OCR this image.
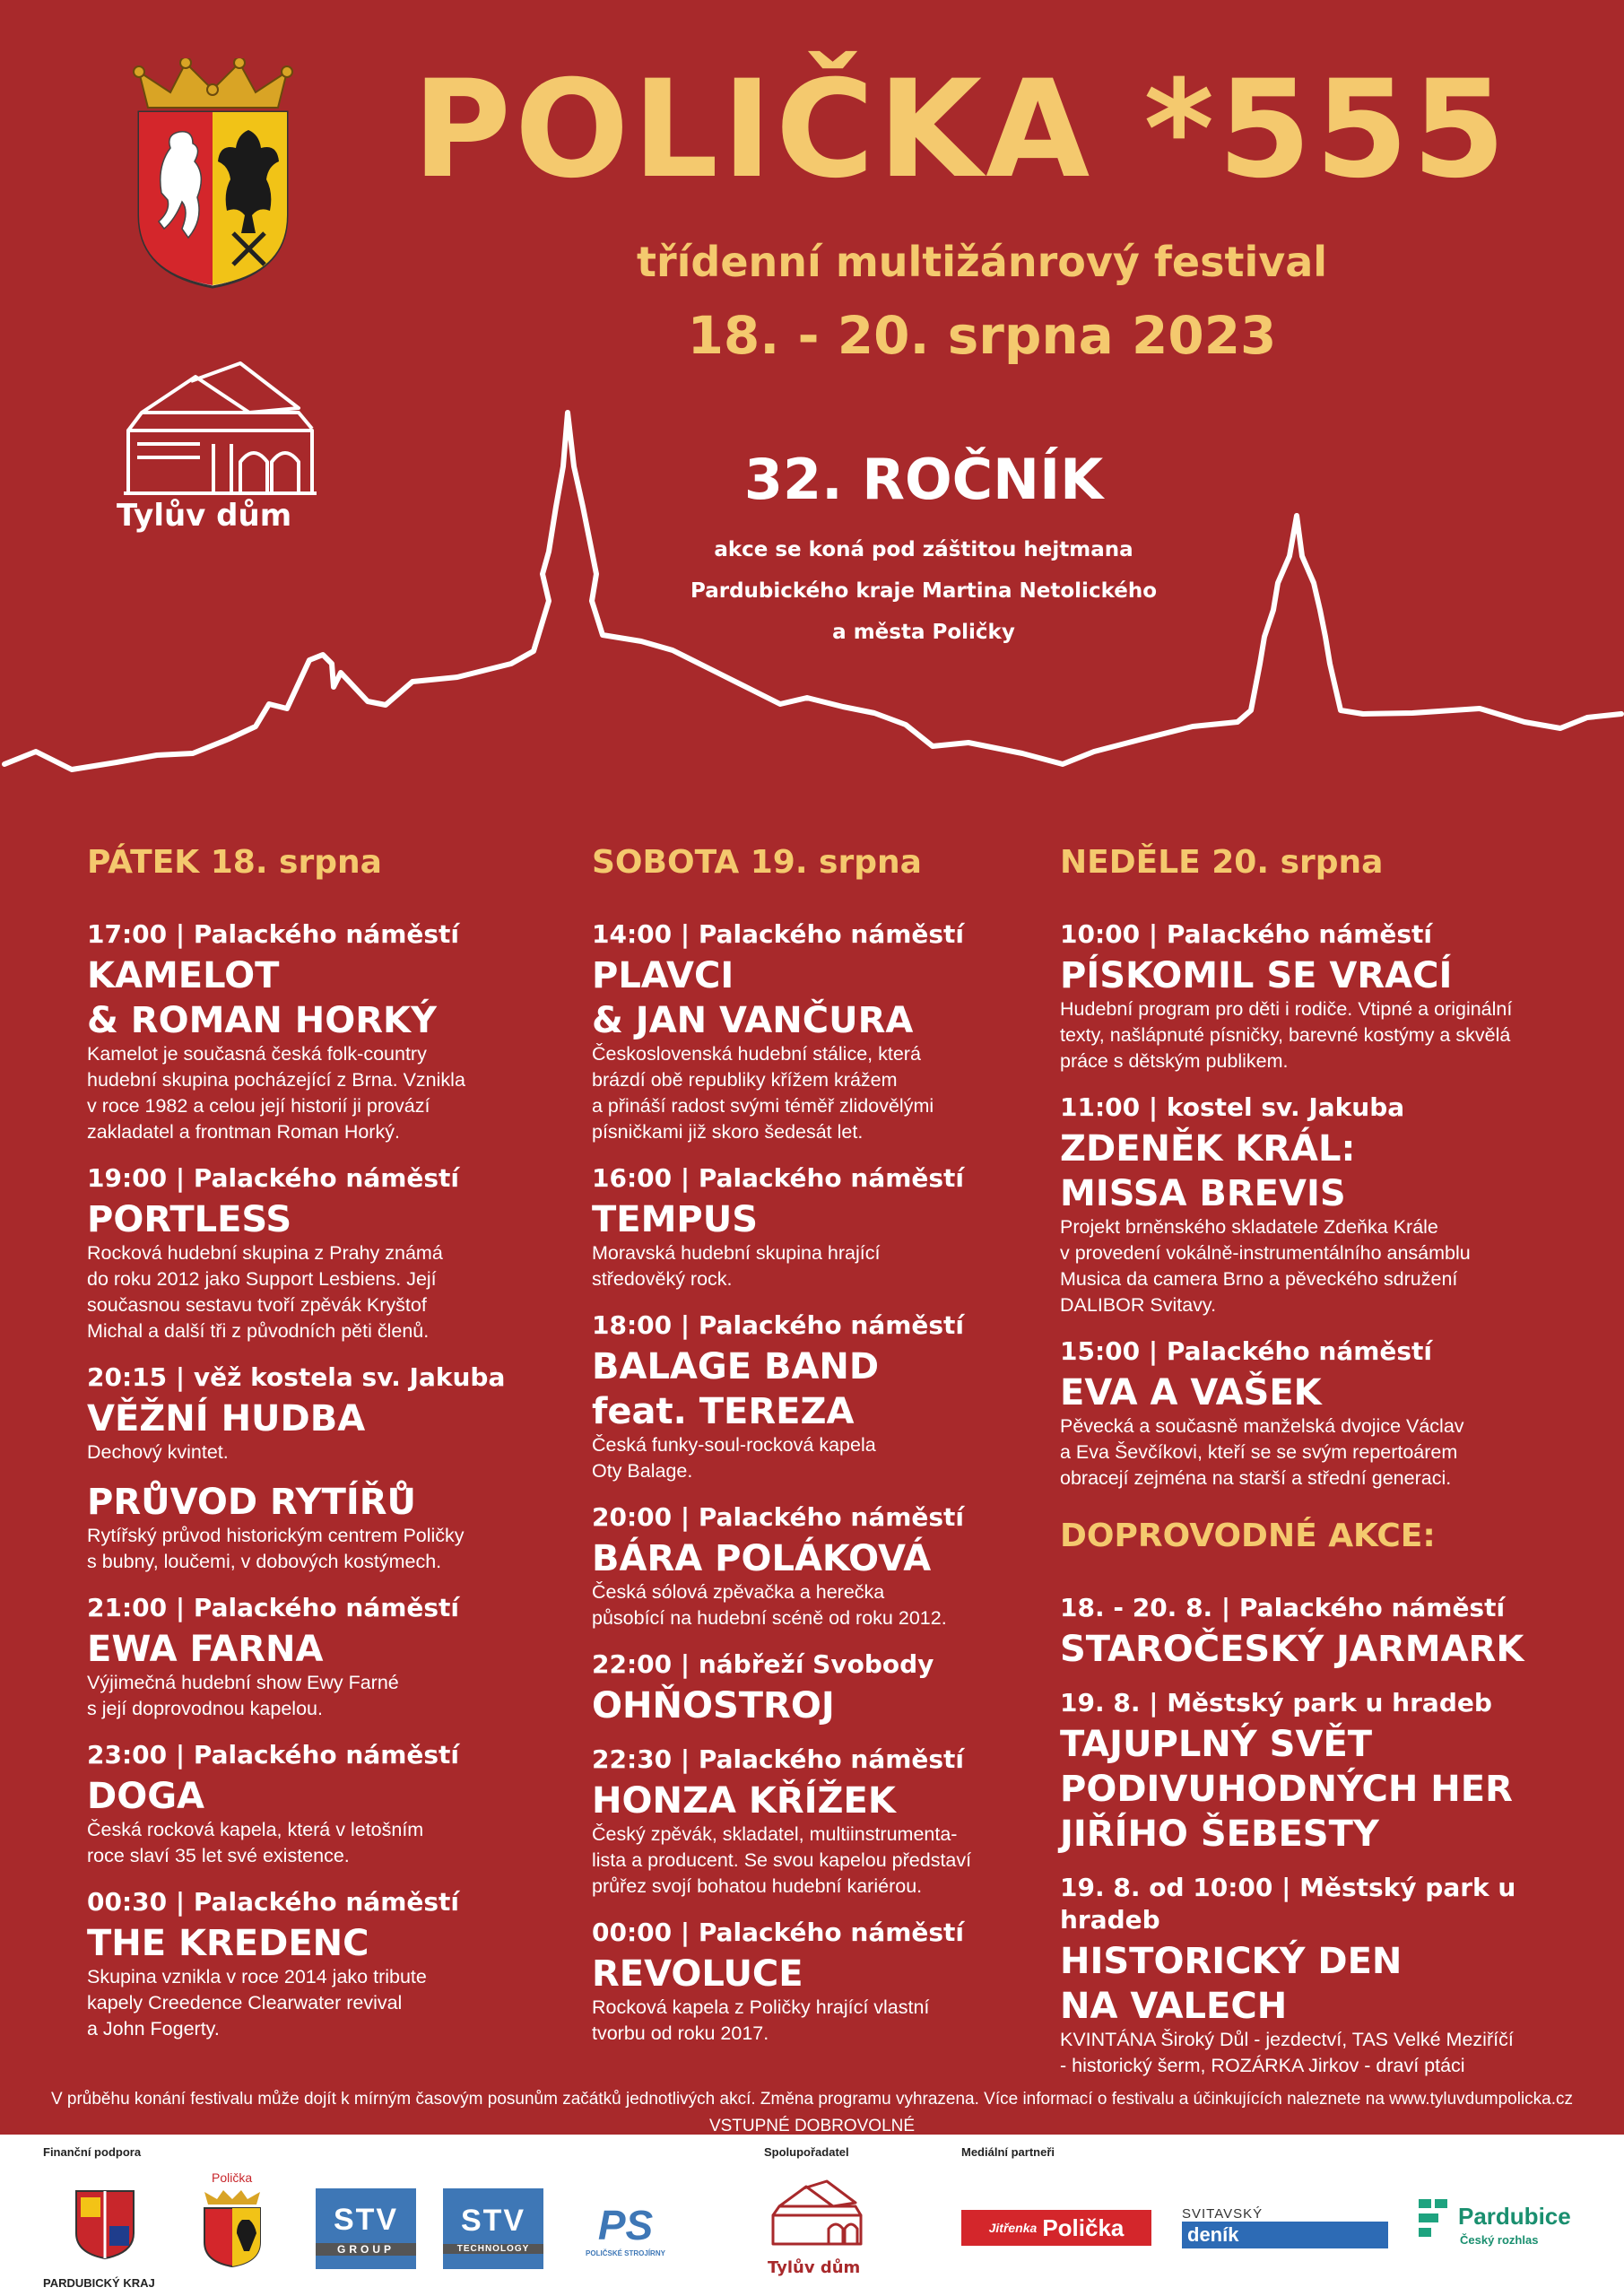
POLIČKA *555
třídenní multižánrový festival
18. - 20. srpna 2023
Tylův dům
32. ROČNÍK
akce se koná pod záštitou hejtmana
Pardubického kraje Martina Netolického
a města Poličky
PÁTEK 18. srpna
17:00 | Palackého náměstí
KAMELOT
& ROMAN HORKÝ
Kamelot je současná česká folk-country
hudební skupina pocházející z Brna. Vznikla
v roce 1982 a celou její historií ji provází
zakladatel a frontman Roman Horký.
19:00 | Palackého náměstí
PORTLESS
Rocková hudební skupina z Prahy známá
do roku 2012 jako Support Lesbiens. Její
současnou sestavu tvoří zpěvák Kryštof
Michal a další tři z původních pěti členů.
20:15 | věž kostela sv. Jakuba
VĚŽNÍ HUDBA
Dechový kvintet.
PRŮVOD RYTÍŘŮ
Rytířský průvod historickým centrem Poličky
s bubny, loučemi, v dobových kostýmech.
21:00 | Palackého náměstí
EWA FARNA
Výjimečná hudební show Ewy Farné
s její doprovodnou kapelou.
23:00 | Palackého náměstí
DOGA
Česká rocková kapela, která v letošním
roce slaví 35 let své existence.
00:30 | Palackého náměstí
THE KREDENC
Skupina vznikla v roce 2014 jako tribute
kapely Creedence Clearwater revival
a John Fogerty.
SOBOTA 19. srpna
14:00 | Palackého náměstí
PLAVCI
& JAN VANČURA
Československá hudební stálice, která
brázdí obě republiky křížem krážem
a přináší radost svými téměř zlidovělými
písničkami již skoro šedesát let.
16:00 | Palackého náměstí
TEMPUS
Moravská hudební skupina hrající
středověký rock.
18:00 | Palackého náměstí
BALAGE BAND
feat. TEREZA
Česká funky-soul-rocková kapela
Oty Balage.
20:00 | Palackého náměstí
BÁRA POLÁKOVÁ
Česká sólová zpěvačka a herečka
působící na hudební scéně od roku 2012.
22:00 | nábřeží Svobody
OHŇOSTROJ
22:30 | Palackého náměstí
HONZA KŘÍŽEK
Český zpěvák, skladatel, multiinstrumenta-
lista a producent. Se svou kapelou představí
průřez svojí bohatou hudební kariérou.
00:00 | Palackého náměstí
REVOLUCE
Rocková kapela z Poličky hrající vlastní
tvorbu od roku 2017.
NEDĚLE 20. srpna
10:00 | Palackého náměstí
PÍSKOMIL SE VRACÍ
Hudební program pro děti i rodiče. Vtipné a originální
texty, našlápnuté písničky, barevné kostýmy a skvělá
práce s dětským publikem.
11:00 | kostel sv. Jakuba
ZDENĚK KRÁL:
MISSA BREVIS
Projekt brněnského skladatele Zdeňka Krále
v provedení vokálně-instrumentálního ansámblu
Musica da camera Brno a pěveckého sdružení
DALIBOR Svitavy.
15:00 | Palackého náměstí
EVA A VAŠEK
Pěvecká a současně manželská dvojice Václav
a Eva Ševčíkovi, kteří se se svým repertoárem
obracejí zejména na starší a střední generaci.
DOPROVODNÉ AKCE:
18. - 20. 8. | Palackého náměstí
STAROČESKÝ JARMARK
19. 8. | Městský park u hradeb
TAJUPLNÝ SVĚT
PODIVUHODNÝCH HER
JIŘÍHO ŠEBESTY
19. 8. od 10:00 | Městský park u hradeb
HISTORICKÝ DEN
NA VALECH
KVINTÁNA Široký Důl - jezdectví, TAS Velké Meziříčí
- historický šerm, ROZÁRKA Jirkov - draví ptáci
V průběhu konání festivalu může dojít k mírným časovým posunům začátků jednotlivých akcí. Změna programu vyhrazena. Více informací o festivalu a účinkujících naleznete na www.tyluvdumpolicka.cz
VSTUPNÉ DOBROVOLNÉ
Finanční podpora	Spolupořadatel	Mediální partneři
PARDUBICKÝ KRAJ
Polička
STV
GROUP
STV
TECHNOLOGY
PS
POLIČSKÉ STROJÍRNY
Tylův dům
Jitřenka Polička	SVITAVSKÝ
deník
Pardubice
Český rozhlas
